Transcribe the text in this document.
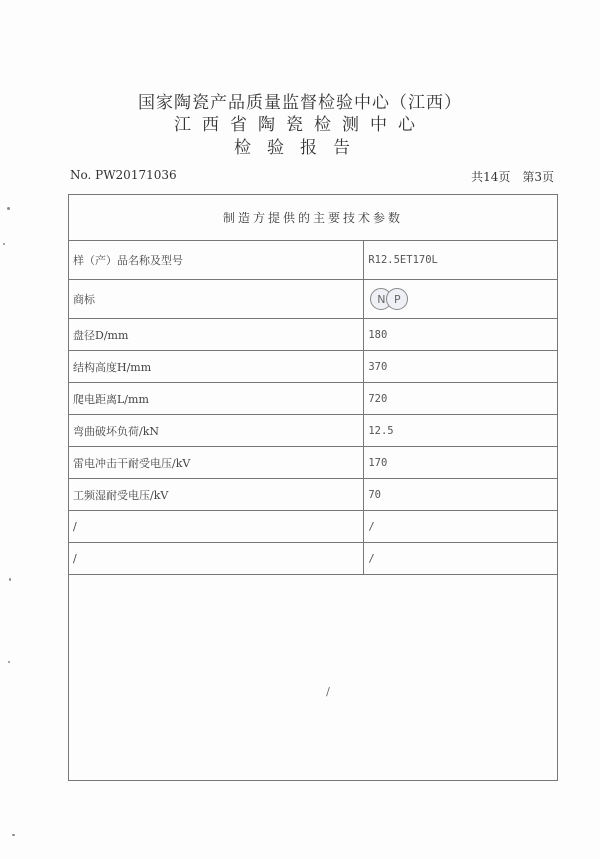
国家陶瓷产品质量监督检验中心（江西）
江西省陶瓷检测中心
检验报告
No. PW20171036	共14页 第3页
制造方提供的主要技术参数	
样（产）品名称及型号	R12.5ET170L
商标	N P

盘径D/mm	180
结构高度H/mm	370
爬电距离L/mm	720
弯曲破坏负荷/kN	12.5
雷电冲击干耐受电压/kV	170
工频湿耐受电压/kV	70
/	/
/	/
/	
